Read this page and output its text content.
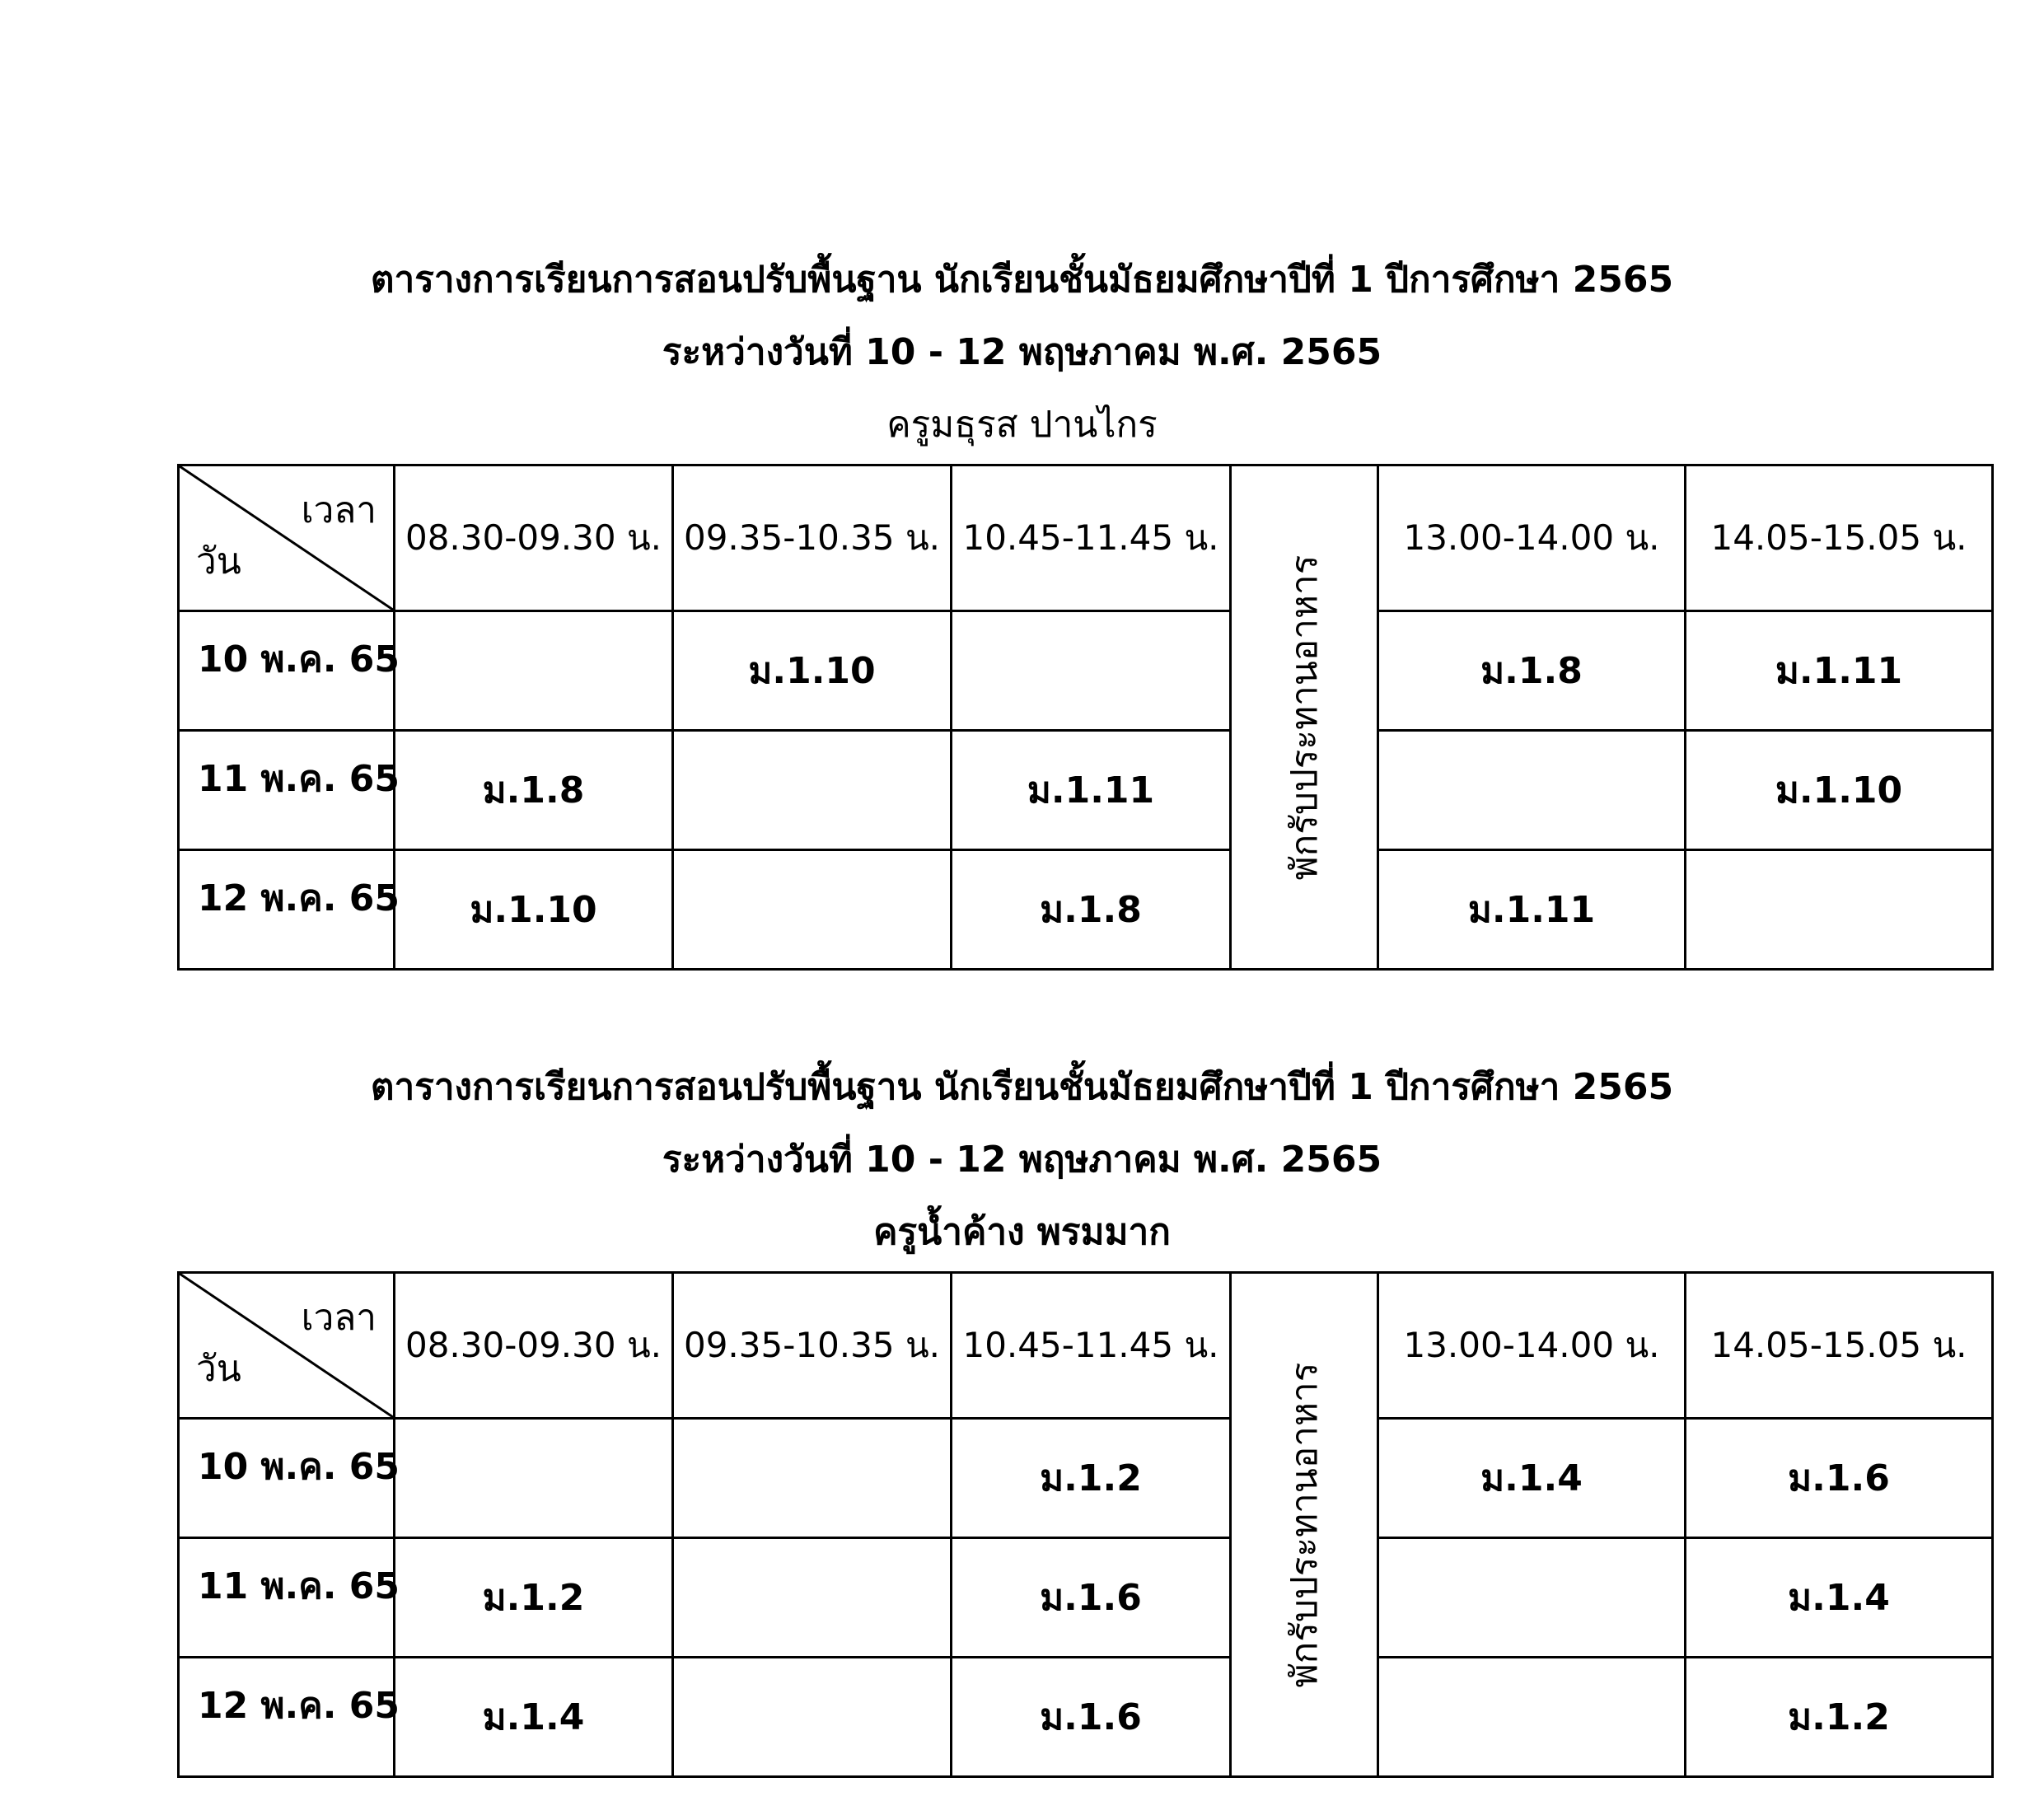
ตารางการเรียนการสอนปรับพื้นฐาน นักเรียนชั้นมัธยมศึกษาปีที่ 1 ปีการศึกษา 2565
ระหว่างวันที่ 10 - 12 พฤษภาคม พ.ศ. 2565
ครูมธุรส ปานไกร
เวลา
วัน	08.30-09.30 น.	09.35-10.35 น.	10.45-11.45 น.	พักรับประทานอาหาร	13.00-14.00 น.	14.05-15.05 น.

10 พ.ค. 65		ม.1.10			ม.1.8	ม.1.11

11 พ.ค. 65	ม.1.8		ม.1.11			ม.1.10

12 พ.ค. 65	ม.1.10		ม.1.8		ม.1.11	
ตารางการเรียนการสอนปรับพื้นฐาน นักเรียนชั้นมัธยมศึกษาปีที่ 1 ปีการศึกษา 2565
ระหว่างวันที่ 10 - 12 พฤษภาคม พ.ศ. 2565
ครูน้ำค้าง พรมมาก
เวลา
วัน	08.30-09.30 น.	09.35-10.35 น.	10.45-11.45 น.	พักรับประทานอาหาร	13.00-14.00 น.	14.05-15.05 น.

10 พ.ค. 65			ม.1.2		ม.1.4	ม.1.6

11 พ.ค. 65	ม.1.2		ม.1.6			ม.1.4

12 พ.ค. 65	ม.1.4		ม.1.6			ม.1.2
